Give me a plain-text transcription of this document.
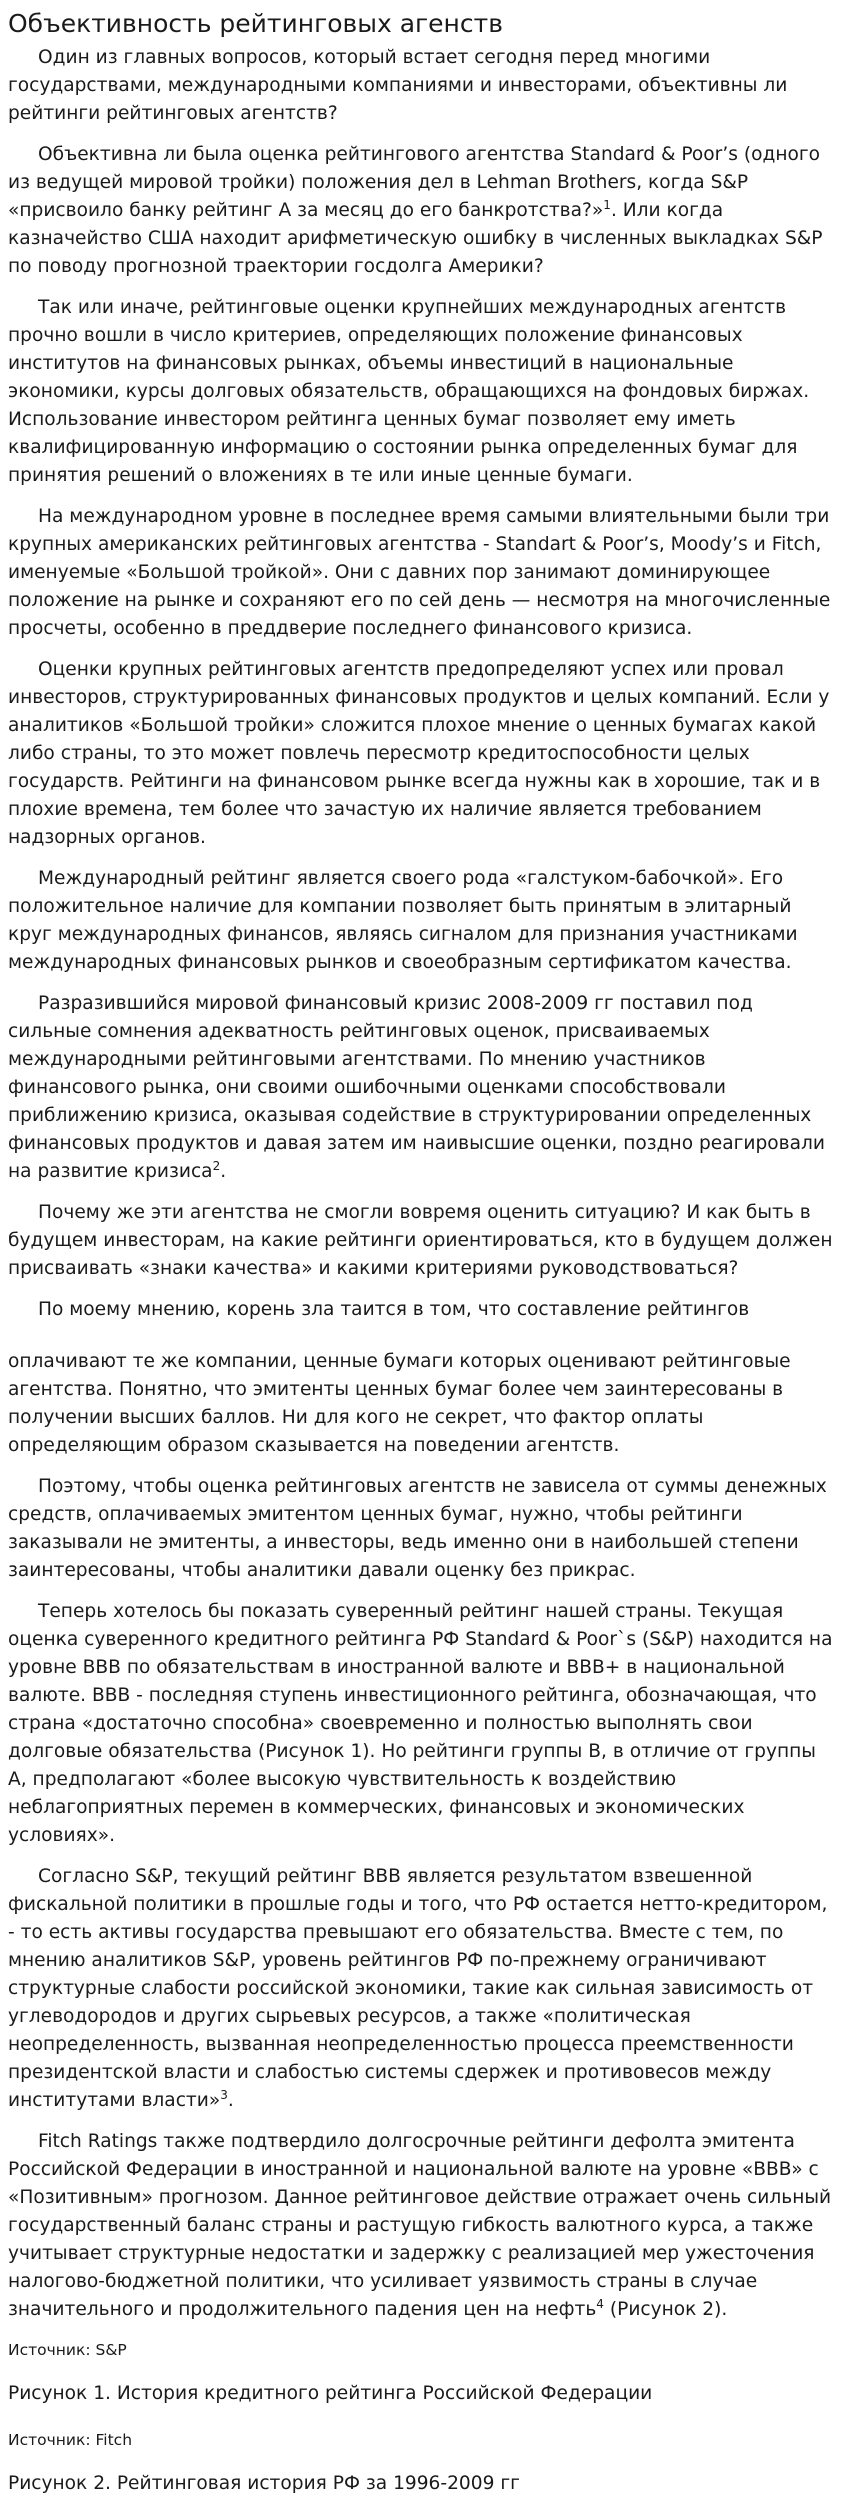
Объективность рейтинговых агенств

Один из главных вопросов, который встает сегодня перед многими государствами, международными компаниями и инвесторами, объективны ли рейтинги рейтинговых агентств?

Объективна ли была оценка рейтингового агентства Standard & Poor’s (одного из ведущей мировой тройки) положения дел в Lehman Brothers, когда S&P «присвоило банку рейтинг А за месяц до его банкротства?»$^1$. Или когда казначейство США находит арифметическую ошибку в численных выкладках S&P по поводу прогнозной траектории госдолга Америки?

Так или иначе, рейтинговые оценки крупнейших международных агентств прочно вошли в число критериев, определяющих положение финансовых институтов на финансовых рынках, объемы инвестиций в национальные экономики, курсы долговых обязательств, обращающихся на фондовых биржах. Использование инвестором рейтинга ценных бумаг позволяет ему иметь квалифицированную информацию о состоянии рынка определенных бумаг для принятия решений о вложениях в те или иные ценные бумаги.

На международном уровне в последнее время самыми влиятельными были три крупных американских рейтинговых агентства - Standart & Poor’s, Moody’s и Fitch, именуемые «Большой тройкой». Они с давних пор занимают доминирующее положение на рынке и сохраняют его по сей день — несмотря на многочисленные просчеты, особенно в преддверие последнего финансового кризиса.

Оценки крупных рейтинговых агентств предопределяют успех или провал инвесторов, структурированных финансовых продуктов и целых компаний. Если у аналитиков «Большой тройки» сложится плохое мнение о ценных бумагах какой либо страны, то это может повлечь пересмотр кредитоспособности целых государств. Рейтинги на финансовом рынке всегда нужны как в хорошие, так и в плохие времена, тем более что зачастую их наличие является требованием надзорных органов.

Международный рейтинг является своего рода «галстуком-бабочкой». Его положительное наличие для компании позволяет быть принятым в элитарный круг международных финансов, являясь сигналом для признания участниками международных финансовых рынков и своеобразным сертификатом качества.

Разразившийся мировой финансовый кризис 2008-2009 гг поставил под сильные сомнения адекватность рейтинговых оценок, присваиваемых международными рейтинговыми агентствами. По мнению участников финансового рынка, они своими ошибочными оценками способствовали приближению кризиса, оказывая содействие в структурировании определенных финансовых продуктов и давая затем им наивысшие оценки, поздно реагировали на развитие кризиса$^2$.

Почему же эти агентства не смогли вовремя оценить ситуацию? И как быть в будущем инвесторам, на какие рейтинги ориентироваться, кто в будущем должен присваивать «знаки качества» и какими критериями руководствоваться?

По моему мнению, корень зла таится в том, что составление рейтингов

оплачивают те же компании, ценные бумаги которых оценивают рейтинговые агентства. Понятно, что эмитенты ценных бумаг более чем заинтересованы в получении высших баллов. Ни для кого не секрет, что фактор оплаты определяющим образом сказывается на поведении агентств.

Поэтому, чтобы оценка рейтинговых агентств не зависела от суммы денежных средств, оплачиваемых эмитентом ценных бумаг, нужно, чтобы рейтинги заказывали не эмитенты, а инвесторы, ведь именно они в наибольшей степени заинтересованы, чтобы аналитики давали оценку без прикрас.

Теперь хотелось бы показать суверенный рейтинг нашей страны. Текущая оценка суверенного кредитного рейтинга РФ Standard & Poor`s (S&P) находится на уровне BBB по обязательствам в иностранной валюте и BBB+ в национальной валюте. BBB - последняя ступень инвестиционного рейтинга, обозначающая, что страна «достаточно способна» своевременно и полностью выполнять свои долговые обязательства (Рисунок 1). Но рейтинги группы B, в отличие от группы А, предполагают «более высокую чувствительность к воздействию неблагоприятных перемен в коммерческих, финансовых и экономических условиях».

Согласно S&P, текущий рейтинг BBB является результатом взвешенной фискальной политики в прошлые годы и того, что РФ остается нетто-кредитором, - то есть активы государства превышают его обязательства. Вместе с тем, по мнению аналитиков S&P, уровень рейтингов РФ по-прежнему ограничивают структурные слабости российской экономики, такие как сильная зависимость от углеводородов и других сырьевых ресурсов, а также «политическая неопределенность, вызванная неопределенностью процесса преемственности президентской власти и слабостью системы сдержек и противовесов между институтами власти»$^3$.

Fitch Ratings также подтвердило долгосрочные рейтинги дефолта эмитента Российской Федерации в иностранной и национальной валюте на уровне «BBB» с «Позитивным» прогнозом. Данное рейтинговое действие отражает очень сильный государственный баланс страны и растущую гибкость валютного курса, а также учитывает структурные недостатки и задержку с реализацией мер ужесточения налогово-бюджетной политики, что усиливает уязвимость страны в случае значительного и продолжительного падения цен на нефть$^4$ (Рисунок 2).

Источник: S&P
Рисунок 1. История кредитного рейтинга Российской Федерации
Источник: Fitch
Рисунок 2. Рейтинговая история РФ за 1996-2009 гг
